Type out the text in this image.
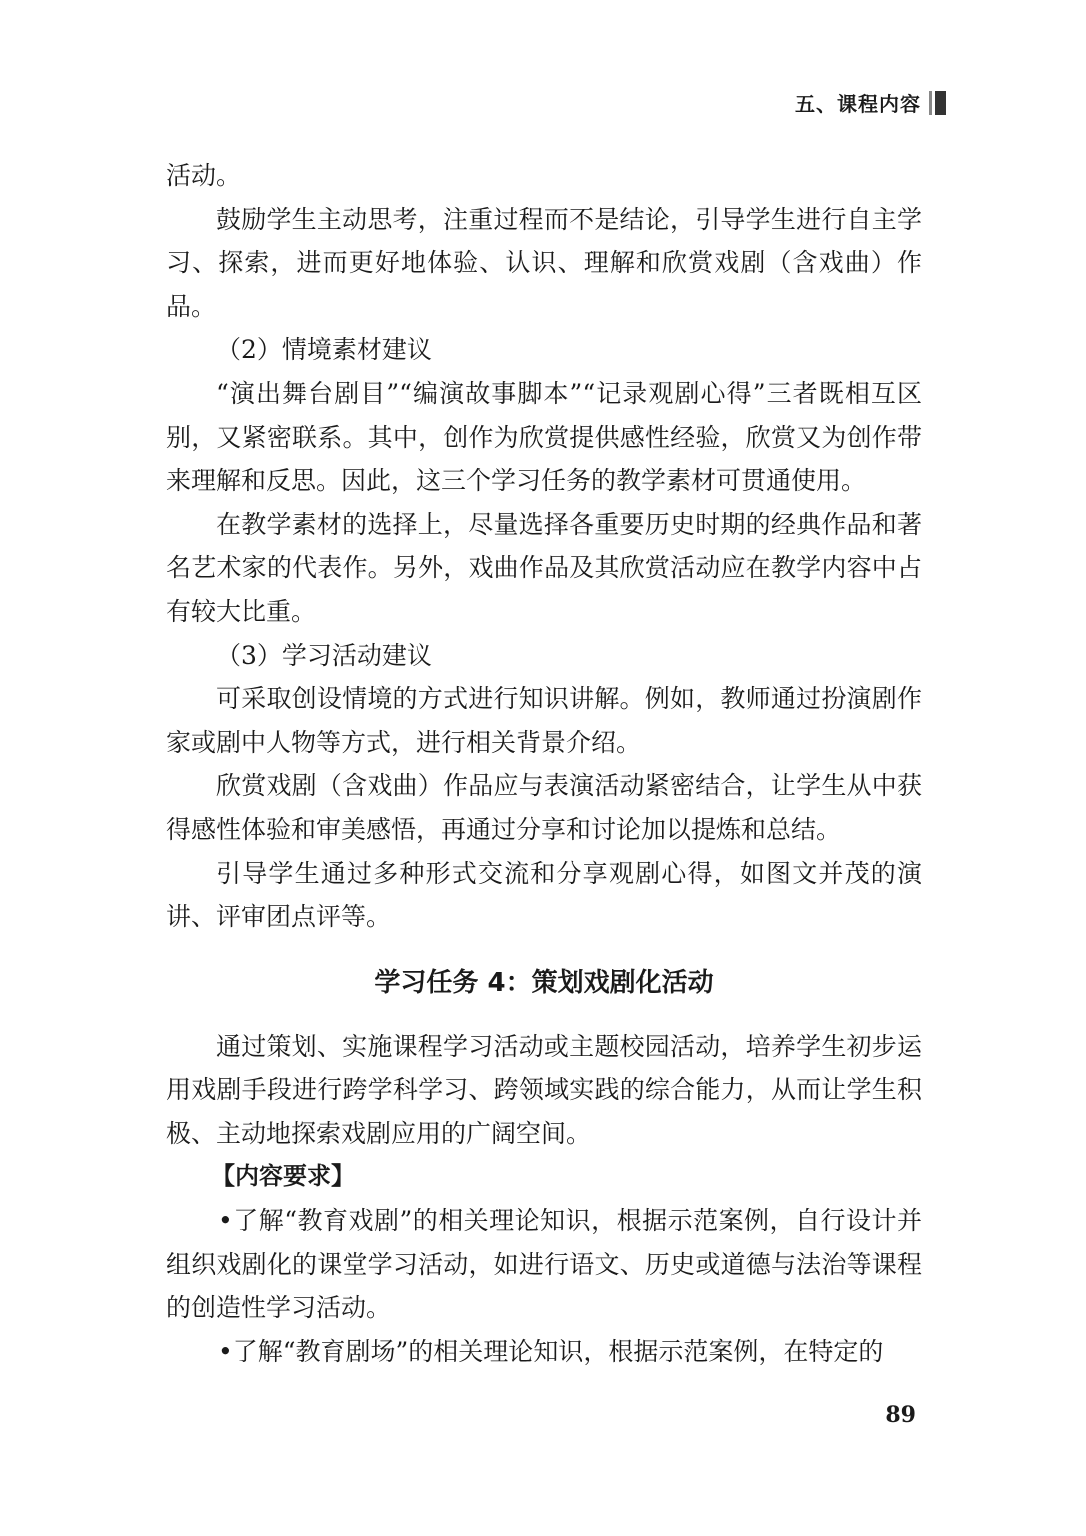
五、课程内容

活动。

鼓励学生主动思考，注重过程而不是结论，引导学生进行自主学习、探索，进而更好地体验、认识、理解和欣赏戏剧（含戏曲）作品。

（2）情境素材建议

“演出舞台剧目”“编演故事脚本”“记录观剧心得”三者既相互区别，又紧密联系。其中，创作为欣赏提供感性经验，欣赏又为创作带来理解和反思。因此，这三个学习任务的教学素材可贯通使用。

在教学素材的选择上，尽量选择各重要历史时期的经典作品和著名艺术家的代表作。另外，戏曲作品及其欣赏活动应在教学内容中占有较大比重。

（3）学习活动建议

可采取创设情境的方式进行知识讲解。例如，教师通过扮演剧作家或剧中人物等方式，进行相关背景介绍。

欣赏戏剧（含戏曲）作品应与表演活动紧密结合，让学生从中获得感性体验和审美感悟，再通过分享和讨论加以提炼和总结。

引导学生通过多种形式交流和分享观剧心得，如图文并茂的演讲、评审团点评等。

学习任务 4：策划戏剧化活动

通过策划、实施课程学习活动或主题校园活动，培养学生初步运用戏剧手段进行跨学科学习、跨领域实践的综合能力，从而让学生积极、主动地探索戏剧应用的广阔空间。

【内容要求】

•了解“教育戏剧”的相关理论知识，根据示范案例，自行设计并组织戏剧化的课堂学习活动，如进行语文、历史或道德与法治等课程的创造性学习活动。

•了解“教育剧场”的相关理论知识，根据示范案例，在特定的

89
